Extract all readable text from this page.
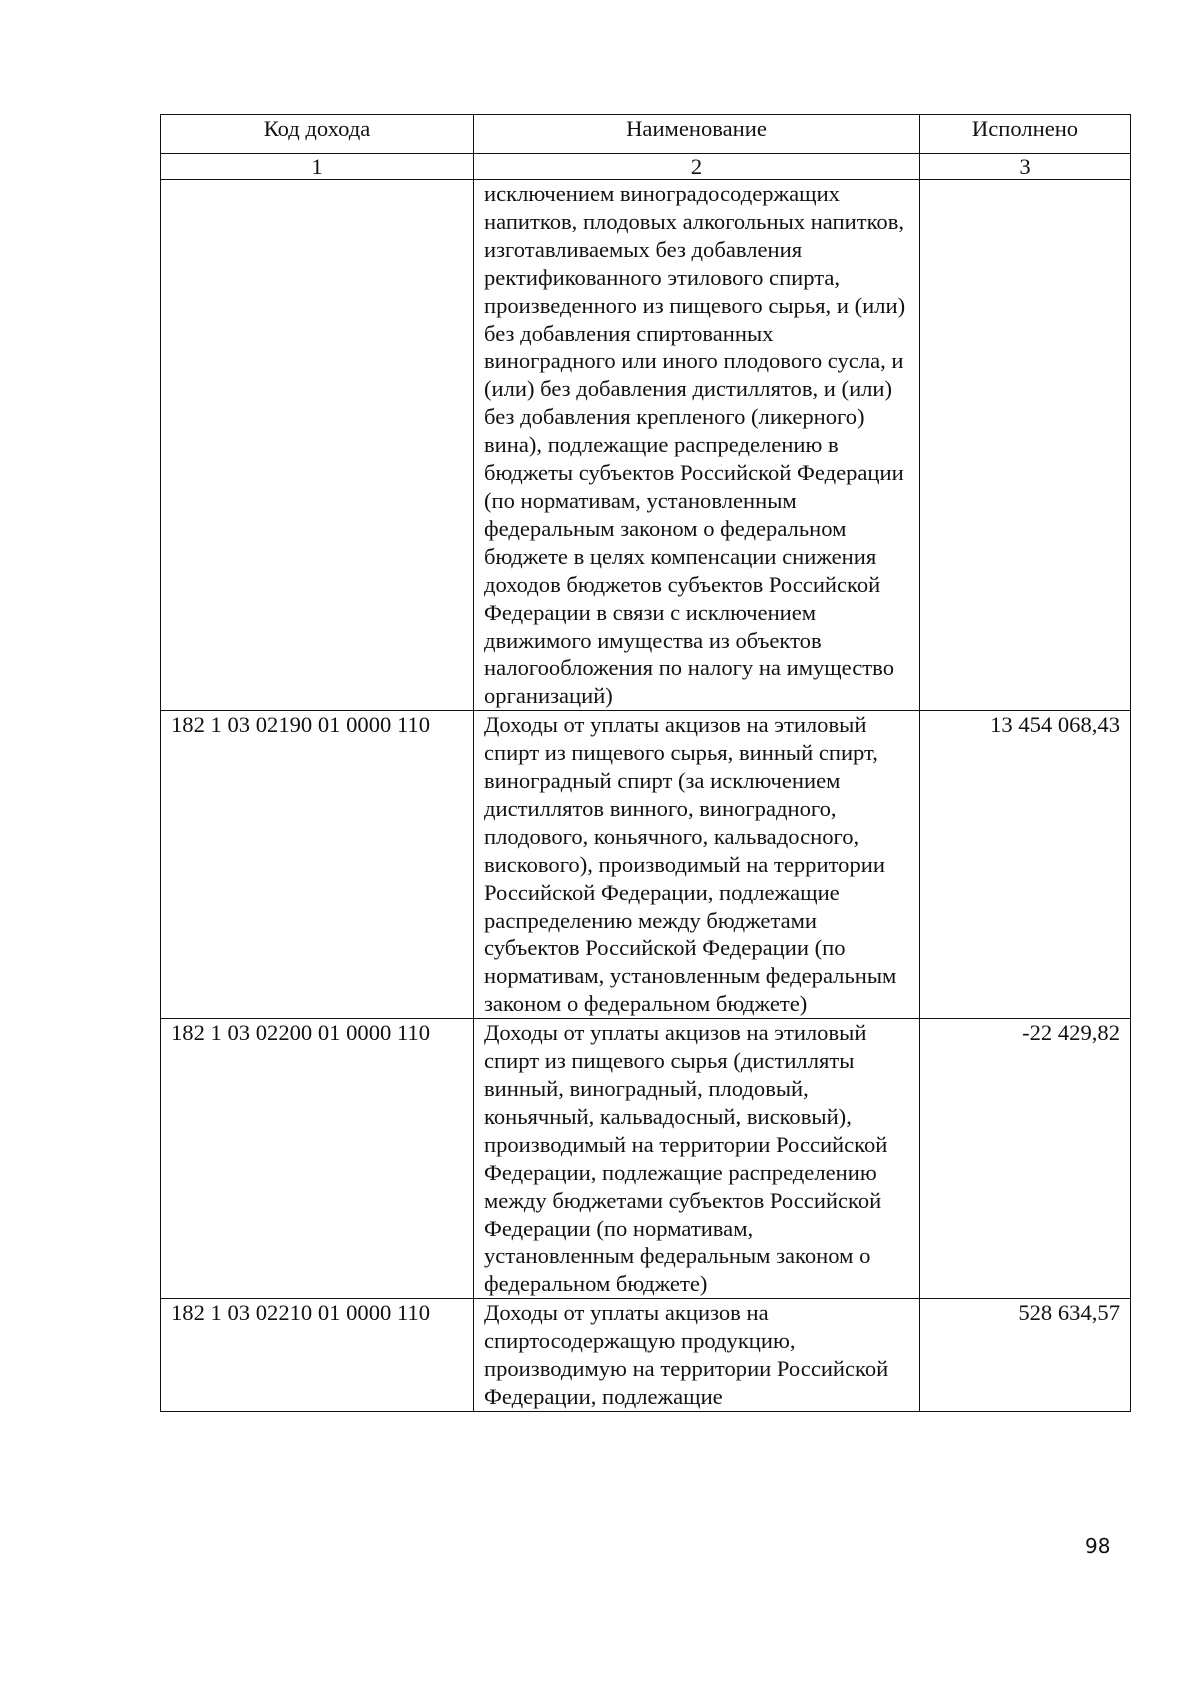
Код дохода	Наименование	Исполнено
1	2	3
	исключением виноградосодержащих напитков, плодовых алкогольных напитков, изготавливаемых без добавления ректификованного этилового спирта, произведенного из пищевого сырья, и (или) без добавления спиртованных виноградного или иного плодового сусла, и (или) без добавления дистиллятов, и (или) без добавления крепленого (ликерного) вина), подлежащие распределению в бюджеты субъектов Российской Федерации (по нормативам, установленным федеральным законом о федеральном бюджете в целях компенсации снижения доходов бюджетов субъектов Российской Федерации в связи с исключением движимого имущества из объектов налогообложения по налогу на имущество организаций)	
182 1 03 02190 01 0000 110	Доходы от уплаты акцизов на этиловый спирт из пищевого сырья, винный спирт, виноградный спирт (за исключением дистиллятов винного, виноградного, плодового, коньячного, кальвадосного, вискового), производимый на территории Российской Федерации, подлежащие распределению между бюджетами субъектов Российской Федерации (по нормативам, установленным федеральным законом о федеральном бюджете)	13 454 068,43
182 1 03 02200 01 0000 110	Доходы от уплаты акцизов на этиловый спирт из пищевого сырья (дистилляты винный, виноградный, плодовый, коньячный, кальвадосный, висковый), производимый на территории Российской Федерации, подлежащие распределению между бюджетами субъектов Российской Федерации (по нормативам, установленным федеральным законом о федеральном бюджете)	-22 429,82
182 1 03 02210 01 0000 110	Доходы от уплаты акцизов на спиртосодержащую продукцию, производимую на территории Российской Федерации, подлежащие	528 634,57
98
